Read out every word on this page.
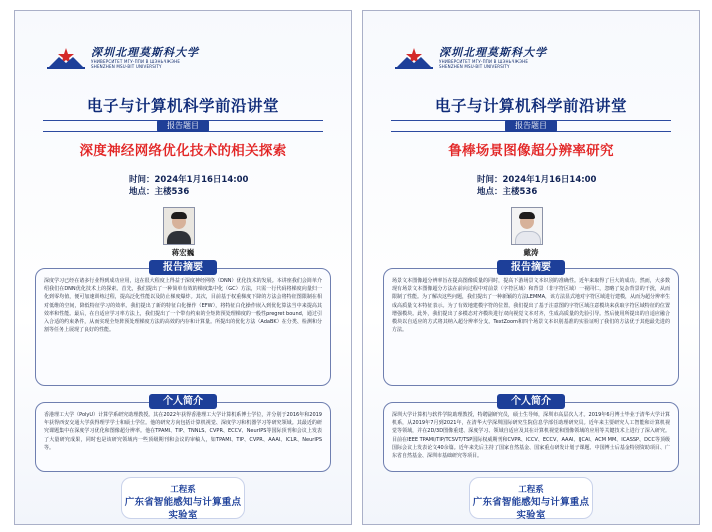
深圳北理莫斯科大学
УНИВЕРСИТЕТ МГУ-ППИ В ШЭНЬЧЖЭНЕ
SHENZHEN MSU-BIT UNIVERSITY
电子与计算机科学前沿讲堂
报告题目
深度神经网络优化技术的相关探索
时间：2024年1月16日14:00
地点：主楼536
蒋宏巍
报告摘要
深度学习已经在诸多行业得到成功应用，这在很大程度上得益于深度神经网络（DNN）优化技术的发展。本讲座我们会简单介绍我们在DNN优化技术上的探索。首先，我们提出了一种简单有效的梯度集中化（GC）方法，只需一行代码将梯度向量归一化到零均值，便可加速训练过程，提高泛化性能以及防止梯度爆炸。其次，目前基于权重梯度下降的方法会将特征图限制在相对低维的空间，降低特征学习的效率。我们提出了新的特征白化操作（EFW），将特征白化操作嵌入到优化算法当中来提高其效率和性能。最后，在自适应学习率方法上，我们提出了一个带有约束的全矩阵预处理梯度的一般性pregret bound，通过引入合适的约束条件，从而实现全矩阵预处理梯度方法的高效的内存和计算量。所提出的优化方法（AdaBK）在分类、检测和分割等任务上展现了良好的性能。
个人简介
香港理工大学（PolyU）计算学系研究助理教授。其在2022年获得香港理工大学计算机系博士学位，并分别于2016年和2019年获得西安交通大学获得理学学士和硕士学位。他的研究方向包括计算机视觉、深度学习和机器学习等研究领域。其最近的研究课题集中在深度学习优化和图像超分辨率。他在TPAMI、TIP、TNNLS、CVPR、ECCV、NeurIPS等国际顶刊和会议上发表了大量研究成果，同时也是该研究领域内一些顶级期刊和会议的审稿人，如TPAMI、TIP、CVPR、AAAI、ICLR、NeurIPS等。
工程系
广东省智能感知与计算重点实验室
深圳北理莫斯科大学
УНИВЕРСИТЕТ МГУ-ППИ В ШЭНЬЧЖЭНЕ
SHENZHEN MSU-BIT UNIVERSITY
电子与计算机科学前沿讲堂
报告题目
鲁棒场景图像超分辨率研究
时间：2024年1月16日14:00
地点：主楼536
戴涛
报告摘要
场景文本图像超分辨率旨在提高图像质量的同时，提高下游场景文本识别的准确性。近年来取得了巨大的成功。然而，大多数现有场景文本图像超分方法在前向过程中对前景（字符区域）和背景（非字符区域）一视同仁，忽略了复杂背景的干扰，从而限制了性能。为了解决这些问题，我们提出了一种新颖的方法LEMMA，该方法显式地对字符区域进行建模，从而为超分辨率生成高质量文本特征表示。为了有效地建模字符的位置，我们提出了基于注意图的字符区域注意模块来获取字符区域特征的位置增强模块。此外，我们提出了多模态对齐模块进行双向视觉文本对齐，生成高质量的先验引导。然后使用所提出的自适应融合模块以自适应的方式将其纳入超分辨率分支。TextZoom和四个场景文本识别基准的实验证明了我们的方法优于其他最先进的方法。
个人简介
深圳大学计算机与软件学院助理教授，特聘副研究员，硕士生导师，深圳市高层次人才。2019年6月博士毕业于清华大学计算机系，从2019年7月到2021年，在清华大学深圳国际研究生院信息学部任助理研究员。近年来主要研究人工智能和计算机视觉等领域，并在2D/3D图像重建、深度学习、领域自适应及其在计算机视觉和图像领域的应用等关键技术上进行了深入研究。目前在IEEE TPAMI/TIP/TCSVT/TSP国际权威期刊和CVPR、ICCV、ECCV、AAAI、IJCAI、ACM MM、ICASSP、DCC等顶级国际会议上发表论文40余篇。近年来先后主持了国家自然基金、国家重点研发计划子课题、中国博士后基金特别资助项目、广东省自然基金、深圳市基础研究等项目。
工程系
广东省智能感知与计算重点实验室
